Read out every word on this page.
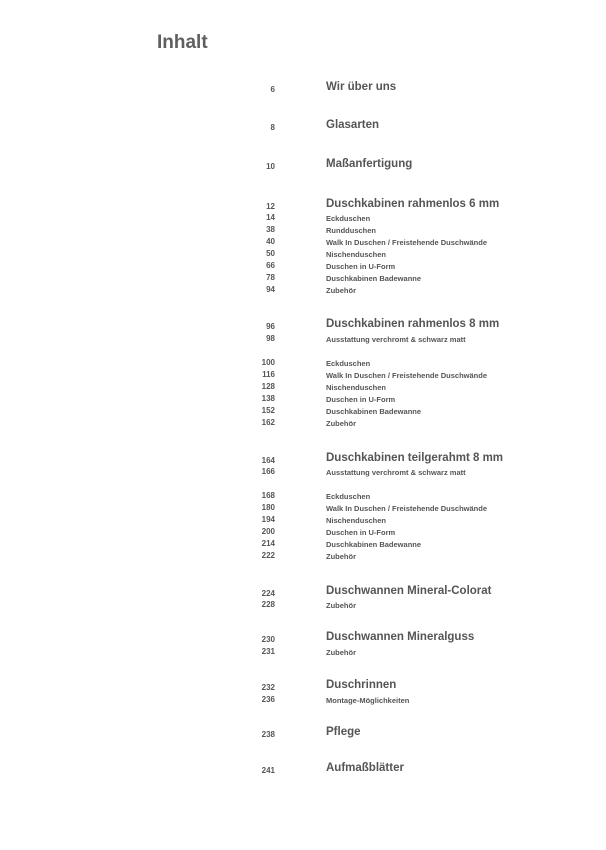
Inhalt
6	Wir über uns
8	Glasarten
10	Maßanfertigung
12	Duschkabinen rahmenlos 6 mm
14	Eckduschen
38	Rundduschen
40	Walk In Duschen / Freistehende Duschwände
50	Nischenduschen
66	Duschen in U-Form
78	Duschkabinen Badewanne
94	Zubehör
96	Duschkabinen rahmenlos 8 mm
98	Ausstattung verchromt & schwarz matt
100	Eckduschen
116	Walk In Duschen / Freistehende Duschwände
128	Nischenduschen
138	Duschen in U-Form
152	Duschkabinen Badewanne
162	Zubehör
164	Duschkabinen teilgerahmt 8 mm
166	Ausstattung verchromt & schwarz matt
168	Eckduschen
180	Walk In Duschen / Freistehende Duschwände
194	Nischenduschen
200	Duschen in U-Form
214	Duschkabinen Badewanne
222	Zubehör
224	Duschwannen Mineral-Colorat
228	Zubehör
230	Duschwannen Mineralguss
231	Zubehör
232	Duschrinnen
236	Montage-Möglichkeiten
238	Pflege
241	Aufmaßblätter
